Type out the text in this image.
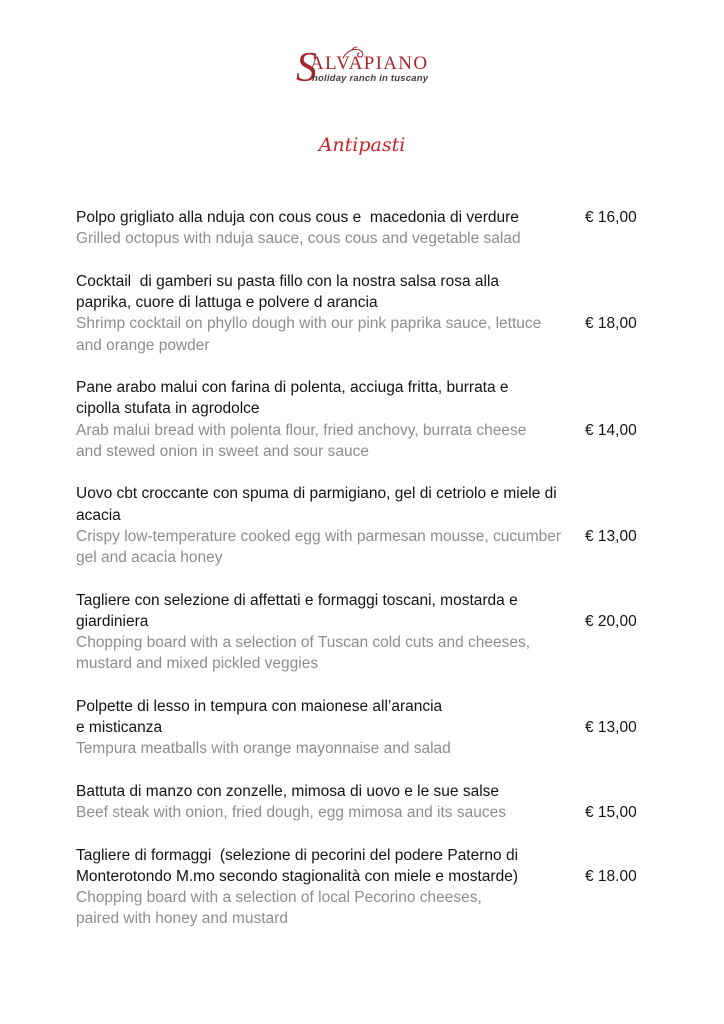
S
ALVAPIANO
holiday ranch in tuscany
Antipasti
Polpo grigliato alla nduja con cous cous e  macedonia di verdure	€ 16,00
Grilled octopus with nduja sauce, cous cous and vegetable salad
Cocktail  di gamberi su pasta fillo con la nostra salsa rosa alla
paprika, cuore di lattuga e polvere d arancia
Shrimp cocktail on phyllo dough with our pink paprika sauce, lettuce	€ 18,00
and orange powder
Pane arabo malui con farina di polenta, acciuga fritta, burrata e
cipolla stufata in agrodolce
Arab malui bread with polenta flour, fried anchovy, burrata cheese	€ 14,00
and stewed onion in sweet and sour sauce
Uovo cbt croccante con spuma di parmigiano, gel di cetriolo e miele di
acacia
Crispy low-temperature cooked egg with parmesan mousse, cucumber € 13,00
gel and acacia honey
Tagliere con selezione di affettati e formaggi toscani, mostarda e
giardiniera	€ 20,00
Chopping board with a selection of Tuscan cold cuts and cheeses,
mustard and mixed pickled veggies
Polpette di lesso in tempura con maionese all’arancia
e misticanza	€ 13,00
Tempura meatballs with orange mayonnaise and salad
Battuta di manzo con zonzelle, mimosa di uovo e le sue salse
Beef steak with onion, fried dough, egg mimosa and its sauces	€ 15,00
Tagliere di formaggi  (selezione di pecorini del podere Paterno di
Monterotondo M.mo secondo stagionalità con miele e mostarde)	€ 18.00
Chopping board with a selection of local Pecorino cheeses,
paired with honey and mustard
